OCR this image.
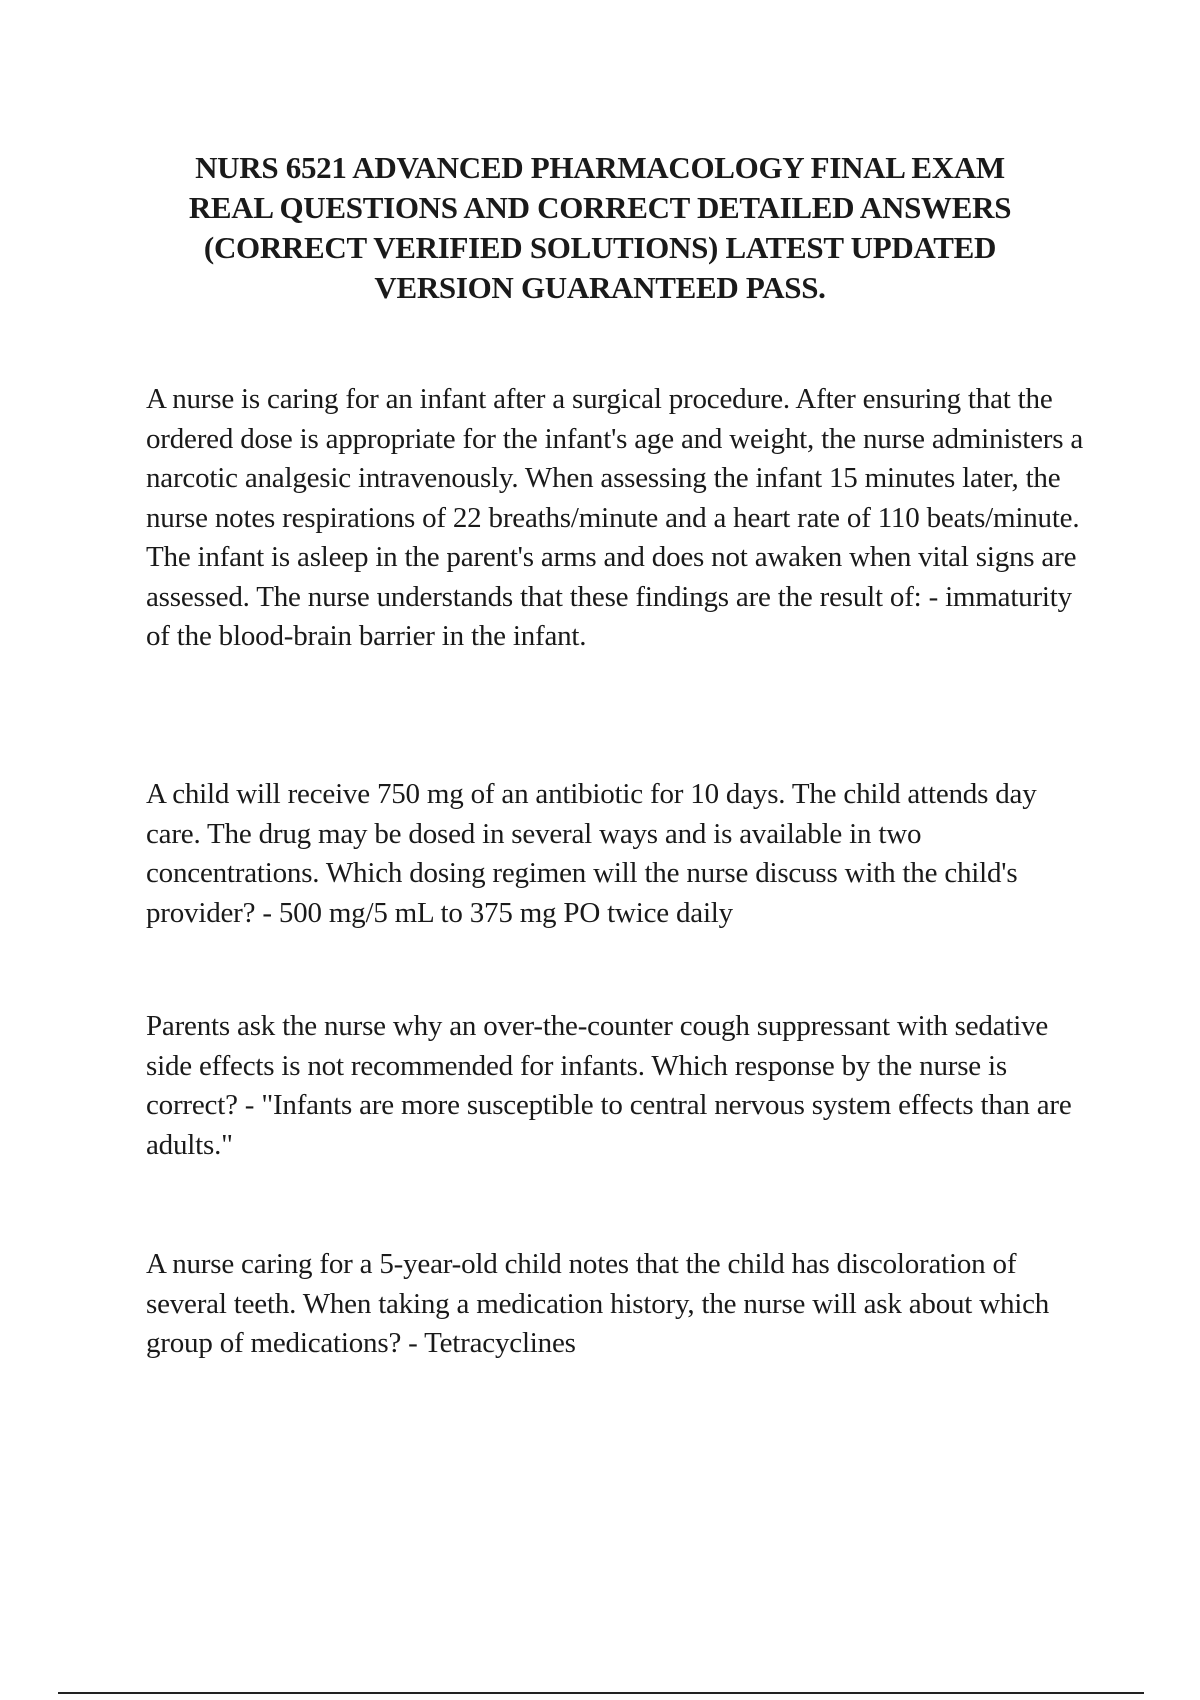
NURS 6521 ADVANCED PHARMACOLOGY FINAL EXAM REAL QUESTIONS AND CORRECT DETAILED ANSWERS (CORRECT VERIFIED SOLUTIONS) LATEST UPDATED VERSION GUARANTEED PASS.

A nurse is caring for an infant after a surgical procedure. After ensuring that the ordered dose is appropriate for the infant's age and weight, the nurse administers a narcotic analgesic intravenously. When assessing the infant 15 minutes later, the nurse notes respirations of 22 breaths/minute and a heart rate of 110 beats/minute. The infant is asleep in the parent's arms and does not awaken when vital signs are assessed. The nurse understands that these findings are the result of: - immaturity of the blood-brain barrier in the infant.

A child will receive 750 mg of an antibiotic for 10 days. The child attends day care. The drug may be dosed in several ways and is available in two concentrations. Which dosing regimen will the nurse discuss with the child's provider? - 500 mg/5 mL to 375 mg PO twice daily

Parents ask the nurse why an over-the-counter cough suppressant with sedative side effects is not recommended for infants. Which response by the nurse is correct? - "Infants are more susceptible to central nervous system effects than are adults."

A nurse caring for a 5-year-old child notes that the child has discoloration of several teeth. When taking a medication history, the nurse will ask about which group of medications? - Tetracyclines
